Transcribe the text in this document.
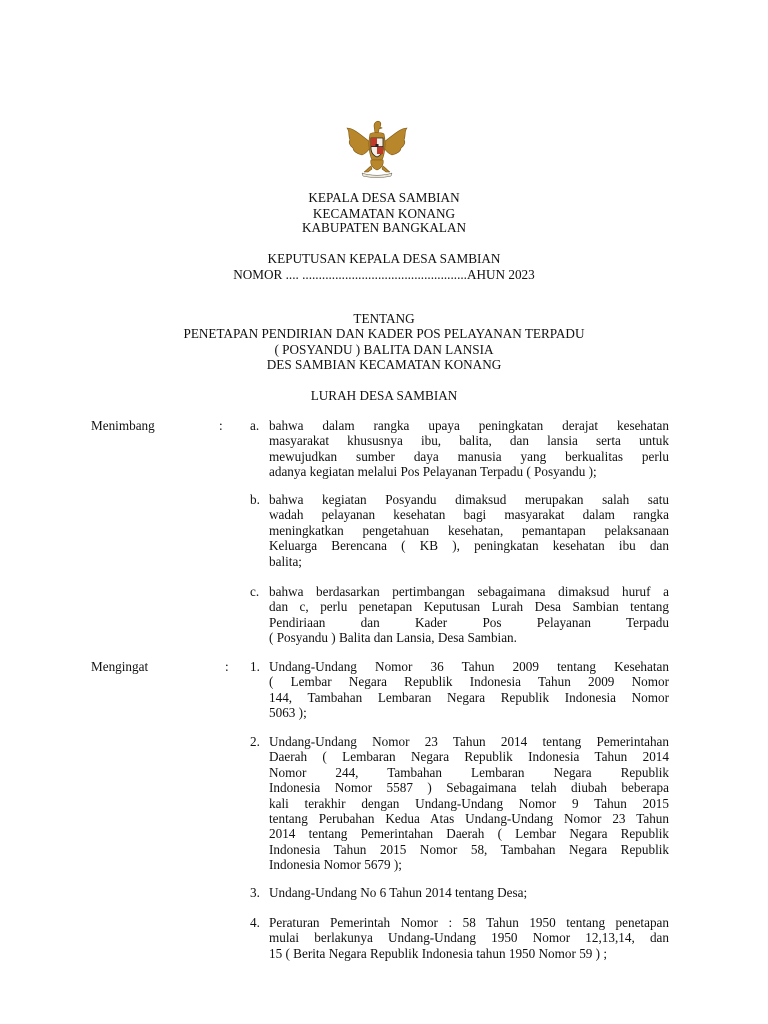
KEPALA DESA SAMBIAN
KECAMATAN KONANG
KABUPATEN BANGKALAN
KEPUTUSAN KEPALA DESA SAMBIAN
NOMOR .... ..................................................AHUN 2023
TENTANG
PENETAPAN PENDIRIAN DAN KADER POS PELAYANAN TERPADU
( POSYANDU ) BALITA DAN LANSIA
DES SAMBIAN KECAMATAN KONANG
LURAH DESA SAMBIAN
Menimbang	: a. bahwa dalam rangka upaya peningkatan derajat kesehatan
masyarakat khususnya ibu, balita, dan lansia serta untuk
mewujudkan sumber daya manusia yang berkualitas perlu
adanya kegiatan melalui Pos Pelayanan Terpadu ( Posyandu );
b. bahwa kegiatan Posyandu dimaksud merupakan salah satu
wadah pelayanan kesehatan bagi masyarakat dalam rangka
meningkatkan pengetahuan kesehatan, pemantapan pelaksanaan
Keluarga Berencana ( KB ), peningkatan kesehatan ibu dan
balita;
c. bahwa berdasarkan pertimbangan sebagaimana dimaksud huruf a
dan c, perlu penetapan Keputusan Lurah Desa Sambian tentang
Pendiriaan dan Kader Pos Pelayanan Terpadu
( Posyandu ) Balita dan Lansia, Desa Sambian.
Mengingat	: 1. Undang-Undang Nomor 36 Tahun 2009 tentang Kesehatan
( Lembar Negara Republik Indonesia Tahun 2009 Nomor
144, Tambahan Lembaran Negara Republik Indonesia Nomor
5063 );
2. Undang-Undang Nomor 23 Tahun 2014 tentang Pemerintahan
Daerah ( Lembaran Negara Republik Indonesia Tahun 2014
Nomor 244, Tambahan Lembaran Negara Republik
Indonesia Nomor 5587 ) Sebagaimana telah diubah beberapa
kali terakhir dengan Undang-Undang Nomor 9 Tahun 2015
tentang Perubahan Kedua Atas Undang-Undang Nomor 23 Tahun
2014 tentang Pemerintahan Daerah ( Lembar Negara Republik
Indonesia Tahun 2015 Nomor 58, Tambahan Negara Republik
Indonesia Nomor 5679 );
3. Undang-Undang No 6 Tahun 2014 tentang Desa;
4. Peraturan Pemerintah Nomor : 58 Tahun 1950 tentang penetapan
mulai berlakunya Undang-Undang 1950 Nomor 12,13,14, dan
15 ( Berita Negara Republik Indonesia tahun 1950 Nomor 59 ) ;
